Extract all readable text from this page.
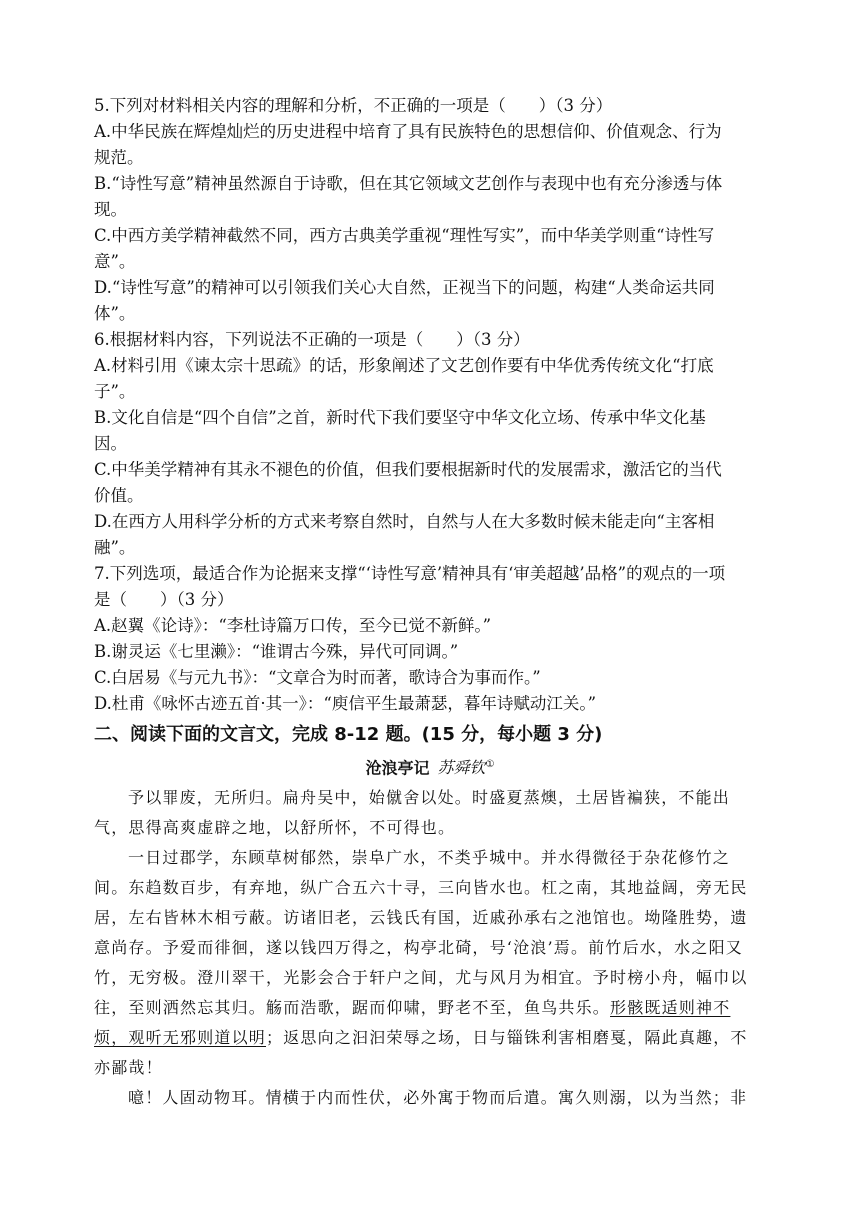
5.下列对材料相关内容的理解和分析，不正确的一项是（　　）（3 分）
A.中华民族在辉煌灿烂的历史进程中培育了具有民族特色的思想信仰、价值观念、行为
规范。
B.“诗性写意”精神虽然源自于诗歌，但在其它领域文艺创作与表现中也有充分渗透与体
现。
C.中西方美学精神截然不同，西方古典美学重视“理性写实”，而中华美学则重“诗性写
意”。
D.“诗性写意”的精神可以引领我们关心大自然，正视当下的问题，构建“人类命运共同
体”。
6.根据材料内容，下列说法不正确的一项是（　　）（3 分）
A.材料引用《谏太宗十思疏》的话，形象阐述了文艺创作要有中华优秀传统文化“打底
子”。
B.文化自信是“四个自信”之首，新时代下我们要坚守中华文化立场、传承中华文化基
因。
C.中华美学精神有其永不褪色的价值，但我们要根据新时代的发展需求，激活它的当代
价值。
D.在西方人用科学分析的方式来考察自然时，自然与人在大多数时候未能走向“主客相
融”。
7.下列选项，最适合作为论据来支撑“‘诗性写意’精神具有‘审美超越’品格”的观点的一项
是（　　）（3 分）
A.赵翼《论诗》：“李杜诗篇万口传，至今已觉不新鲜。”
B.谢灵运《七里濑》：“谁谓古今殊，异代可同调。”
C.白居易《与元九书》：“文章合为时而著，歌诗合为事而作。”
D.杜甫《咏怀古迹五首·其一》：“庾信平生最萧瑟，暮年诗赋动江关。”
二、阅读下面的文言文，完成 8-12 题。(15 分，每小题 3 分)
沧浪亭记 苏舜钦①
予以罪废，无所归。扁舟吴中，始僦舍以处。时盛夏蒸燠，土居皆褊狭，不能出
气，思得高爽虚辟之地，以舒所怀，不可得也。
一日过郡学，东顾草树郁然，崇阜广水，不类乎城中。并水得微径于杂花修竹之
间。东趋数百步，有弃地，纵广合五六十寻，三向皆水也。杠之南，其地益阔，旁无民
居，左右皆林木相亏蔽。访诸旧老，云钱氏有国，近戚孙承右之池馆也。坳隆胜势，遗
意尚存。予爱而徘徊，遂以钱四万得之，构亭北碕，号‘沧浪’焉。前竹后水，水之阳又
竹，无穷极。澄川翠干，光影会合于轩户之间，尤与风月为相宜。予时榜小舟，幅巾以
往，至则洒然忘其归。觞而浩歌，踞而仰啸，野老不至，鱼鸟共乐。形骸既适则神不
烦，观听无邪则道以明；返思向之汩汩荣辱之场，日与锱铢利害相磨戛，隔此真趣，不
亦鄙哉！
噫！人固动物耳。情横于内而性伏，必外寓于物而后遣。寓久则溺，以为当然；非
